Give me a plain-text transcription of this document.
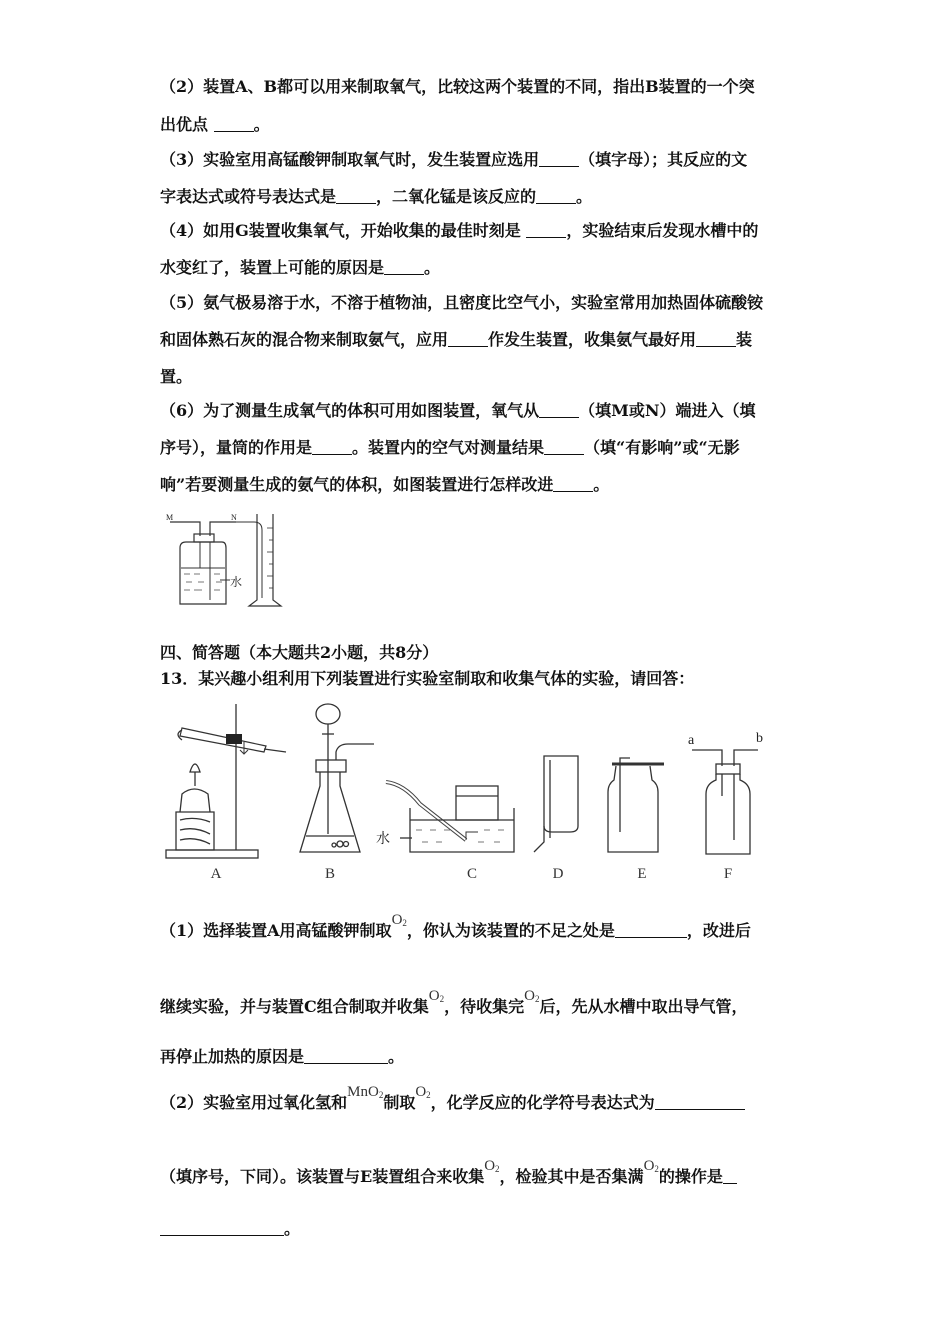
（2）装置A、B都可以用来制取氧气，比较这两个装置的不同，指出B装置的一个突
出优点	。
（3）实验室用高锰酸钾制取氧气时，发生装置应选用	（填字母）；其反应的文
字表达式或符号表达式是	，二氧化锰是该反应的	。
（4）如用G装置收集氧气，开始收集的最佳时刻是	，实验结束后发现水槽中的
水变红了，装置上可能的原因是	。
（5）氨气极易溶于水，不溶于植物油，且密度比空气小，实验室常用加热固体硫酸铵
和固体熟石灰的混合物来制取氨气，应用	作发生装置，收集氨气最好用	装
置。
（6）为了测量生成氧气的体积可用如图装置，氧气从	（填M或N）端进入（填
序号），量筒的作用是	。装置内的空气对测量结果	（填“有影响”或“无影
响”若要测量生成的氨气的体积，如图装置进行怎样改进	。
M	N
水
四、简答题（本大题共2小题，共8分）
13．某兴趣小组利用下列装置进行实验室制取和收集气体的实验，请回答：
水
a	b
A	B	C	D	E	F
（1）选择装置A用高锰酸钾制取O2，你认为该装置的不足之处是	，改进后
继续实验，并与装置C组合制取并收集O2，待收集完O2后，先从水槽中取出导气管，
再停止加热的原因是	。
（2）实验室用过氧化氢和MnO2制取O2，化学反应的化学符号表达式为
（填序号，下同）。该装置与E装置组合来收集O2，检验其中是否集满O2的操作是
。
